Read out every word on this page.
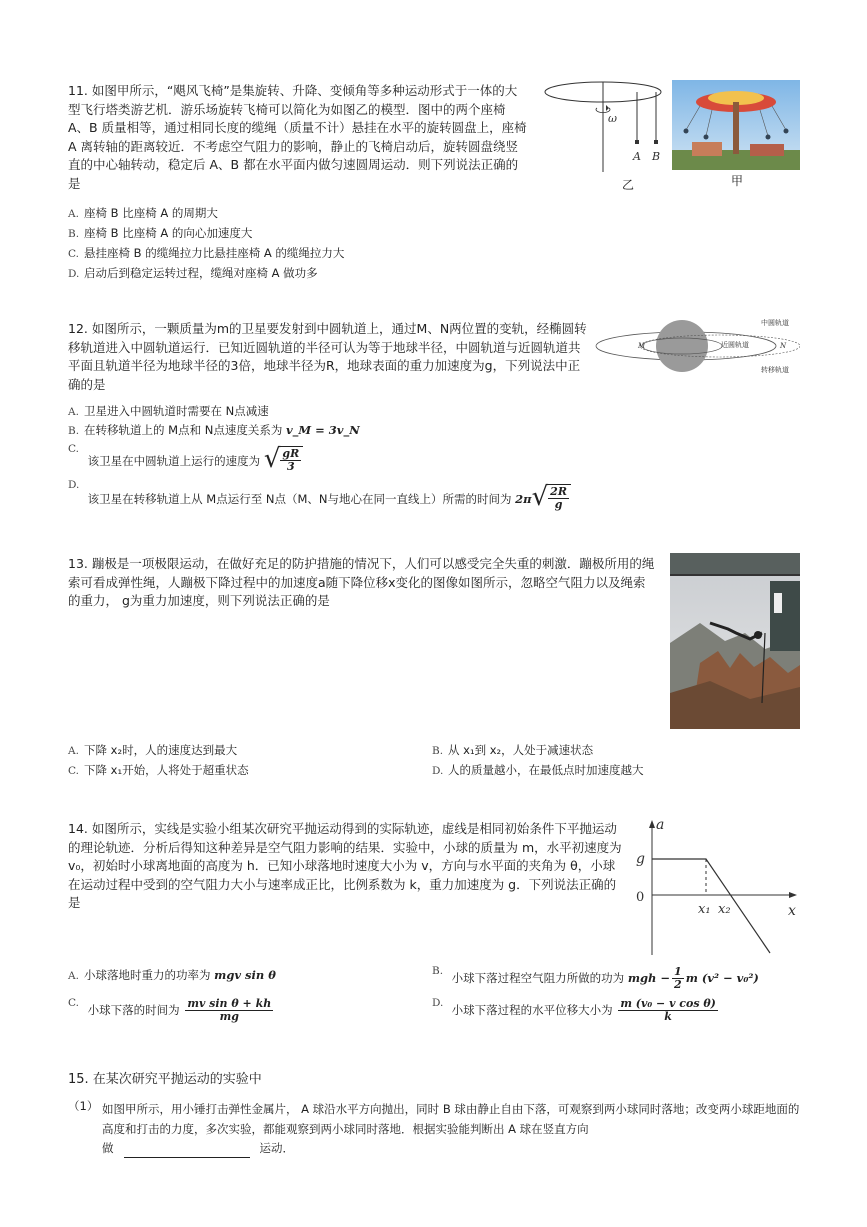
11. 如图甲所示，“飓风飞椅”是集旋转、升降、变倾角等多种运动形式于一体的大型飞行塔类游艺机．游乐场旋转飞椅可以简化为如图乙的模型．图中的两个座椅 A、B 质量相等，通过相同长度的缆绳（质量不计）悬挂在水平的旋转圆盘上，座椅 A 离转轴的距离较近．不考虑空气阻力的影响，静止的飞椅启动后，旋转圆盘绕竖直的中心轴转动，稳定后 A、B 都在水平面内做匀速圆周运动．则下列说法正确的是
ω
A B
乙	甲
A. 座椅 B 比座椅 A 的周期大
B. 座椅 B 比座椅 A 的向心加速度大
C. 悬挂座椅 B 的缆绳拉力比悬挂座椅 A 的缆绳拉力大
D. 启动后到稳定运转过程，缆绳对座椅 A 做功多
12. 如图所示，一颗质量为m的卫星要发射到中圆轨道上，通过M、N两位置的变轨，经椭圆转移轨道进入中圆轨道运行．已知近圆轨道的半径可认为等于地球半径，中圆轨道与近圆轨道共平面且轨道半径为地球半径的3倍，地球半径为R，地球表面的重力加速度为g，下列说法中正确的是
M	N
中圆轨道
近圆轨道
转移轨道
A. 卫星进入中圆轨道时需要在 N点减速
B. 在转移轨道上的 M点和 N点速度关系为 v_M = 3v_N
C. 该卫星在中圆轨道上运行的速度为 √ $\frac{gR}{3}$
D. 该卫星在转移轨道上从 M点运行至 N点（M、N与地心在同一直线上）所需的时间为 2π √ $\frac{2R}{g}$
13. 蹦极是一项极限运动，在做好充足的防护措施的情况下，人们可以感受完全失重的刺激．蹦极所用的绳索可看成弹性绳，人蹦极下降过程中的加速度a随下降位移x变化的图像如图所示，忽略空气阻力以及绳索的重力， g为重力加速度，则下列说法正确的是
A. 下降 x₂时，人的速度达到最大	B. 从 x₁到 x₂，人处于减速状态
C. 下降 x₁开始，人将处于超重状态	D. 人的质量越小，在最低点时加速度越大
14. 如图所示，实线是实验小组某次研究平抛运动得到的实际轨迹，虚线是相同初始条件下平抛运动的理论轨迹．分析后得知这种差异是空气阻力影响的结果．实验中，小球的质量为 m，水平初速度为 v₀，初始时小球离地面的高度为 h．已知小球落地时速度大小为 v，方向与水平面的夹角为 θ，小球在运动过程中受到的空气阻力大小与速率成正比，比例系数为 k，重力加速度为 g．下列说法正确的是
a
x
g
0
x₁ x₂
A. 小球落地时重力的功率为 mgv sin θ	B. 小球下落过程空气阻力所做的功为 mgh − $\frac{1}{2}$ m (v² − v₀²)
C. 小球下落的时间为 $\frac{\text{mv sin θ + kh}}{mg}$	D. 小球下落过程的水平位移大小为 $\frac{\text{m (v₀ − v cos θ)}}{k}$
15. 在某次研究平抛运动的实验中
（1） 如图甲所示，用小锤打击弹性金属片， A 球沿水平方向抛出，同时 B 球由静止自由下落，可观察到两小球同时落地；改变两小球距地面的高度和打击的力度，多次实验，都能观察到两小球同时落地．根据实验能判断出 A 球在竖直方向
做	运动．
